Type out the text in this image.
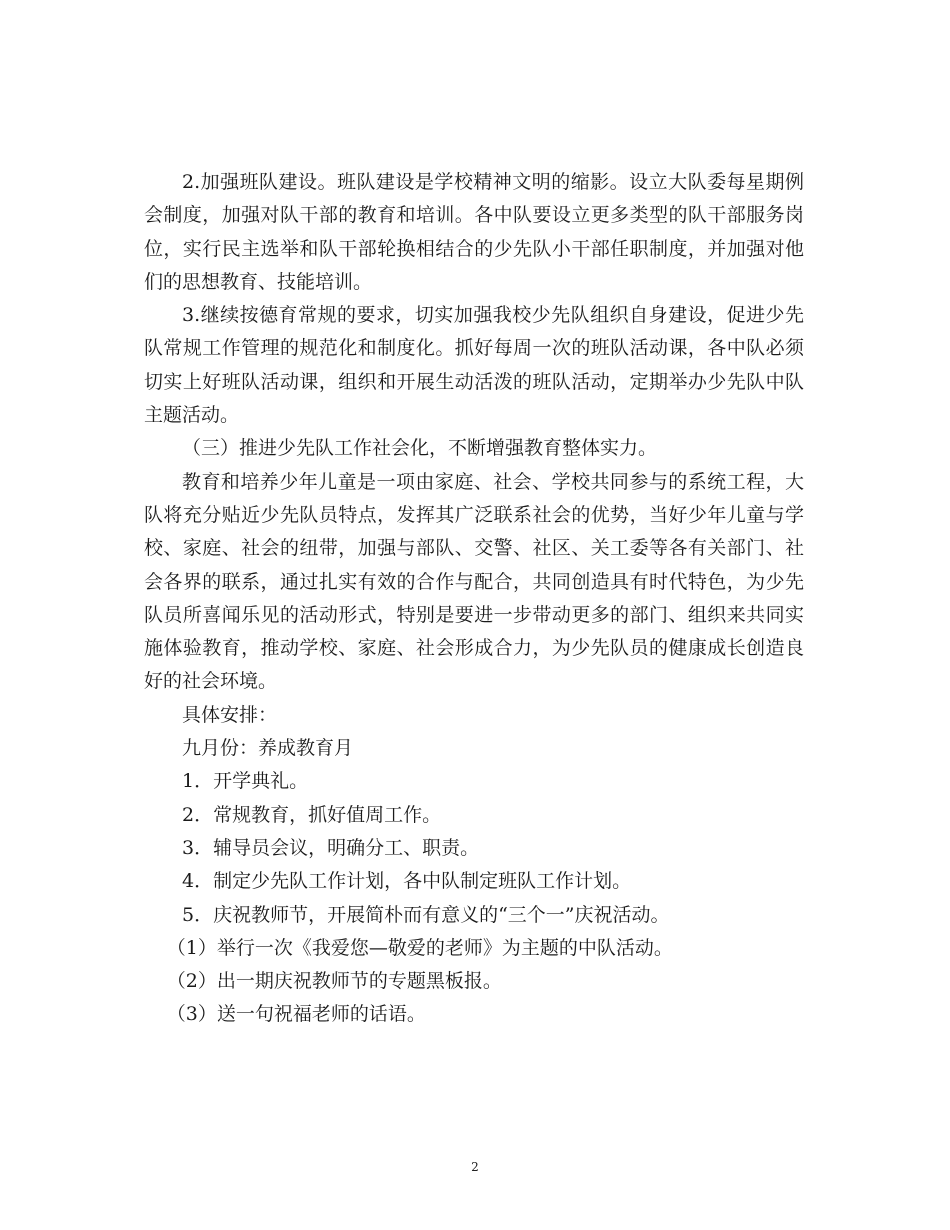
2.加强班队建设。班队建设是学校精神文明的缩影。设立大队委每星期例会制度，加强对队干部的教育和培训。各中队要设立更多类型的队干部服务岗位，实行民主选举和队干部轮换相结合的少先队小干部任职制度，并加强对他们的思想教育、技能培训。

3.继续按德育常规的要求，切实加强我校少先队组织自身建设，促进少先队常规工作管理的规范化和制度化。抓好每周一次的班队活动课，各中队必须切实上好班队活动课，组织和开展生动活泼的班队活动，定期举办少先队中队主题活动。

（三）推进少先队工作社会化，不断增强教育整体实力。

教育和培养少年儿童是一项由家庭、社会、学校共同参与的系统工程，大队将充分贴近少先队员特点，发挥其广泛联系社会的优势，当好少年儿童与学校、家庭、社会的纽带，加强与部队、交警、社区、关工委等各有关部门、社会各界的联系，通过扎实有效的合作与配合，共同创造具有时代特色，为少先队员所喜闻乐见的活动形式，特别是要进一步带动更多的部门、组织来共同实施体验教育，推动学校、家庭、社会形成合力，为少先队员的健康成长创造良好的社会环境。

具体安排：

九月份：养成教育月

1．开学典礼。

2．常规教育，抓好值周工作。

3．辅导员会议，明确分工、职责。

4．制定少先队工作计划，各中队制定班队工作计划。

5．庆祝教师节，开展简朴而有意义的“三个一”庆祝活动。

（1）举行一次《我爱您—敬爱的老师》为主题的中队活动。

（2）出一期庆祝教师节的专题黑板报。

（3）送一句祝福老师的话语。

2
